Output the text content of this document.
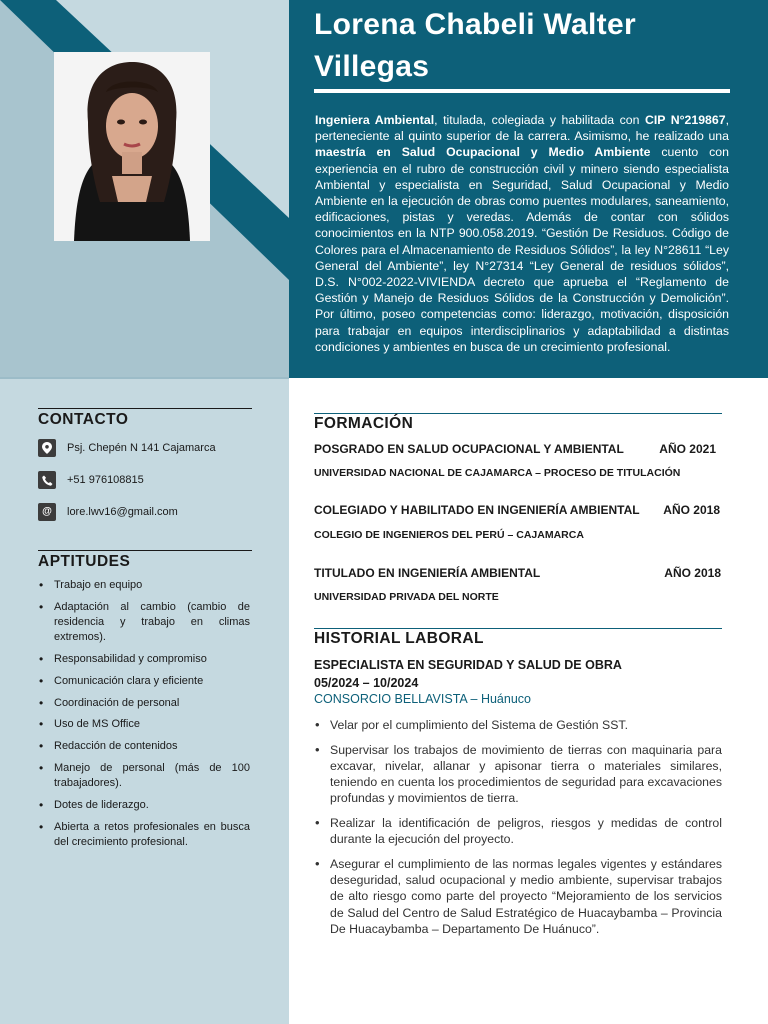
Lorena Chabeli Walter Villegas
Ingeniera Ambiental, titulada, colegiada y habilitada con CIP N°219867, perteneciente al quinto superior de la carrera. Asimismo, he realizado una maestría en Salud Ocupacional y Medio Ambiente cuento con experiencia en el rubro de construcción civil y minero siendo especialista Ambiental y especialista en Seguridad, Salud Ocupacional y Medio Ambiente en la ejecución de obras como puentes modulares, saneamiento, edificaciones, pistas y veredas. Además de contar con sólidos conocimientos en la NTP 900.058.2019. “Gestión De Residuos. Código de Colores para el Almacenamiento de Residuos Sólidos”, la ley N°28611 “Ley General del Ambiente”, ley N°27314 “Ley General de residuos sólidos”, D.S. N°002-2022-VIVIENDA decreto que aprueba el “Reglamento de Gestión y Manejo de Residuos Sólidos de la Construcción y Demolición”. Por último, poseo competencias como: liderazgo, motivación, disposición para trabajar en equipos interdisciplinarios y adaptabilidad a distintas condiciones y ambientes en busca de un crecimiento profesional.
CONTACTO
Psj. Chepén N 141 Cajamarca
+51 976108815
@ lore.lwv16@gmail.com
APTITUDES
• Trabajo en equipo
• Adaptación al cambio (cambio de residencia y trabajo en climas extremos).
• Responsabilidad y compromiso
• Comunicación clara y eficiente
• Coordinación de personal
• Uso de MS Office
• Redacción de contenidos
• Manejo de personal (más de 100 trabajadores).
• Dotes de liderazgo.
• Abierta a retos profesionales en busca del crecimiento profesional.
FORMACIÓN
POSGRADO EN SALUD OCUPACIONAL Y AMBIENTAL	AÑO 2021
UNIVERSIDAD NACIONAL DE CAJAMARCA – PROCESO DE TITULACIÓN
COLEGIADO Y HABILITADO EN INGENIERÍA AMBIENTAL AÑO 2018
COLEGIO DE INGENIEROS DEL PERÚ – CAJAMARCA
TITULADO EN INGENIERÍA AMBIENTAL	AÑO 2018
UNIVERSIDAD PRIVADA DEL NORTE
HISTORIAL LABORAL
ESPECIALISTA EN SEGURIDAD Y SALUD DE OBRA
05/2024 – 10/2024
CONSORCIO BELLAVISTA – Huánuco
• Velar por el cumplimiento del Sistema de Gestión SST.
• Supervisar los trabajos de movimiento de tierras con maquinaria para excavar, nivelar, allanar y apisonar tierra o materiales similares, teniendo en cuenta los procedimientos de seguridad para excavaciones profundas y movimientos de tierra.
• Realizar la identificación de peligros, riesgos y medidas de control durante la ejecución del proyecto.
• Asegurar el cumplimiento de las normas legales vigentes y estándares deseguridad, salud ocupacional y medio ambiente, supervisar trabajos de alto riesgo como parte del proyecto “Mejoramiento de los servicios de Salud del Centro de Salud Estratégico de Huacaybamba – Provincia De Huacaybamba – Departamento De Huánuco”.
